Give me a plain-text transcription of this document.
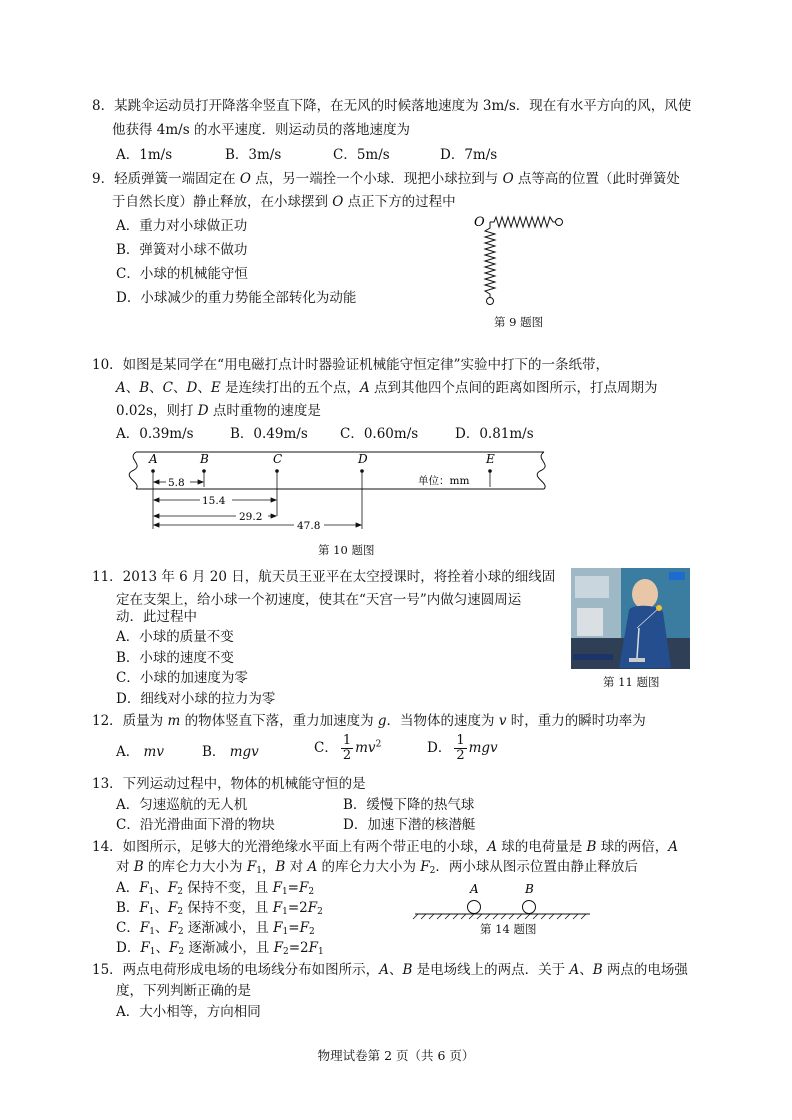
8．某跳伞运动员打开降落伞竖直下降，在无风的时候落地速度为 3m/s．现在有水平方向的风，风使
他获得 4m/s 的水平速度．则运动员的落地速度为
A．1m/s	B．3m/s	C．5m/s	D．7m/s
9．轻质弹簧一端固定在 O 点，另一端拴一个小球．现把小球拉到与 O 点等高的位置（此时弹簧处
于自然长度）静止释放，在小球摆到 O 点正下方的过程中
A．重力对小球做正功
B．弹簧对小球不做功
C．小球的机械能守恒
D．小球减少的重力势能全部转化为动能
O
第 9 题图
10．如图是某同学在“用电磁打点计时器验证机械能守恒定律”实验中打下的一条纸带，
A、B、C、D、E 是连续打出的五个点，A 点到其他四个点间的距离如图所示，打点周期为
0.02s，则打 D 点时重物的速度是
A．0.39m/s	B．0.49m/s C．0.60m/s	D．0.81m/s
A	B	C	D	E
单位：mm
5.8
15.4
29.2
47.8
第 10 题图
11．2013 年 6 月 20 日，航天员王亚平在太空授课时，将拴着小球的细线固
定在支架上，给小球一个初速度，使其在“天宫一号”内做匀速圆周运
动．此过程中
A．小球的质量不变
B．小球的速度不变
C．小球的加速度为零
D．细线对小球的拉力为零
第 11 题图
12．质量为 m 的物体竖直下落，重力加速度为 g．当物体的速度为 v 时，重力的瞬时功率为
A． mv	B． mgv	C． $\frac{1}{2} mv^2$	D． $\frac{1}{2}$ mgv
13．下列运动过程中，物体的机械能守恒的是
A．匀速巡航的无人机	B．缓慢下降的热气球
C．沿光滑曲面下滑的物块	D．加速下潜的核潜艇
14．如图所示，足够大的光滑绝缘水平面上有两个带正电的小球，A 球的电荷量是 B 球的两倍，A
对 B 的库仑力大小为 $F_1$，B 对 A 的库仑力大小为 $F_2$．两小球从图示位置由静止释放后
A．$F_1$、$F_2$ 保持不变，且 $F_1=F_2$
B．$F_1$、$F_2$ 保持不变，且 $F_1=2F_2$
C．$F_1$、$F_2$ 逐渐减小，且 $F_1=F_2$
D．$F_1$、$F_2$ 逐渐减小，且 $F_2=2F_1$
A	B
第 14 题图
15．两点电荷形成电场的电场线分布如图所示，A、B 是电场线上的两点．关于 A、B 两点的电场强
度，下列判断正确的是
A．大小相等，方向相同
物理试卷第 2 页（共 6 页）
